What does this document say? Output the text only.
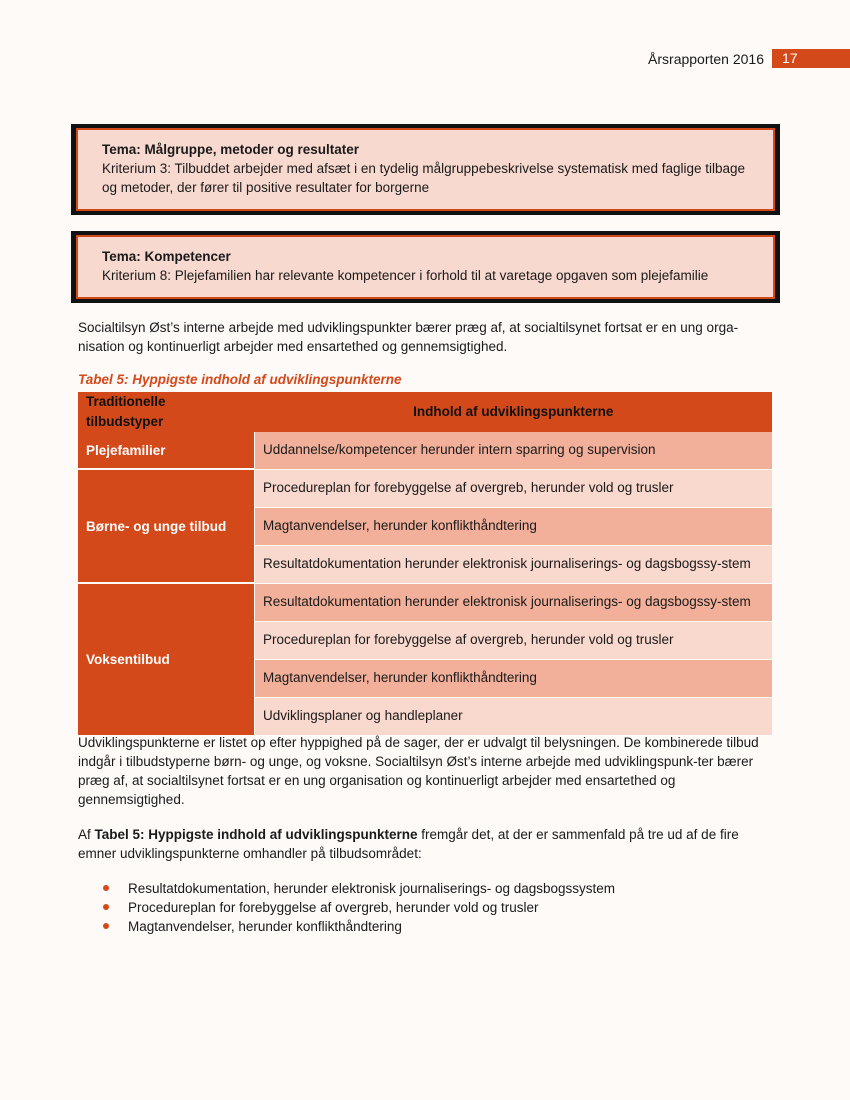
Årsrapporten 2016	17
Tema: Målgruppe, metoder og resultater
Kriterium 3: Tilbuddet arbejder med afsæt i en tydelig målgruppebeskrivelse systematisk med faglige tilbage og metoder, der fører til positive resultater for borgerne
Tema: Kompetencer
Kriterium 8: Plejefamilien har relevante kompetencer i forhold til at varetage opgaven som plejefamilie

Socialtilsyn Øst’s interne arbejde med udviklingspunkter bærer præg af, at socialtilsynet fortsat er en ung orga-nisation og kontinuerligt arbejder med ensartethed og gennemsigtighed.

Tabel 5: Hyppigste indhold af udviklingspunkterne
Traditionelle tilbudstyper	Indhold af udviklingspunkterne
Plejefamilier	Uddannelse/kompetencer herunder intern sparring og supervision
Børne- og unge tilbud	Procedureplan for forebyggelse af overgreb, herunder vold og trusler
	Magtanvendelser, herunder konflikthåndtering
	Resultatdokumentation herunder elektronisk journaliserings- og dagsbogssy-stem
Voksentilbud	Resultatdokumentation herunder elektronisk journaliserings- og dagsbogssy-stem
	Procedureplan for forebyggelse af overgreb, herunder vold og trusler
	Magtanvendelser, herunder konflikthåndtering
	Udviklingsplaner og handleplaner

Udviklingspunkterne er listet op efter hyppighed på de sager, der er udvalgt til belysningen. De kombinerede tilbud indgår i tilbudstyperne børn- og unge, og voksne. Socialtilsyn Øst’s interne arbejde med udviklingspunk-ter bærer præg af, at socialtilsynet fortsat er en ung organisation og kontinuerligt arbejder med ensartethed og gennemsigtighed.

Af Tabel 5: Hyppigste indhold af udviklingspunkterne fremgår det, at der er sammenfald på tre ud af de fire emner udviklingspunkterne omhandler på tilbudsområdet:

Resultatdokumentation, herunder elektronisk journaliserings- og dagsbogssystem
Procedureplan for forebyggelse af overgreb, herunder vold og trusler
Magtanvendelser, herunder konflikthåndtering
